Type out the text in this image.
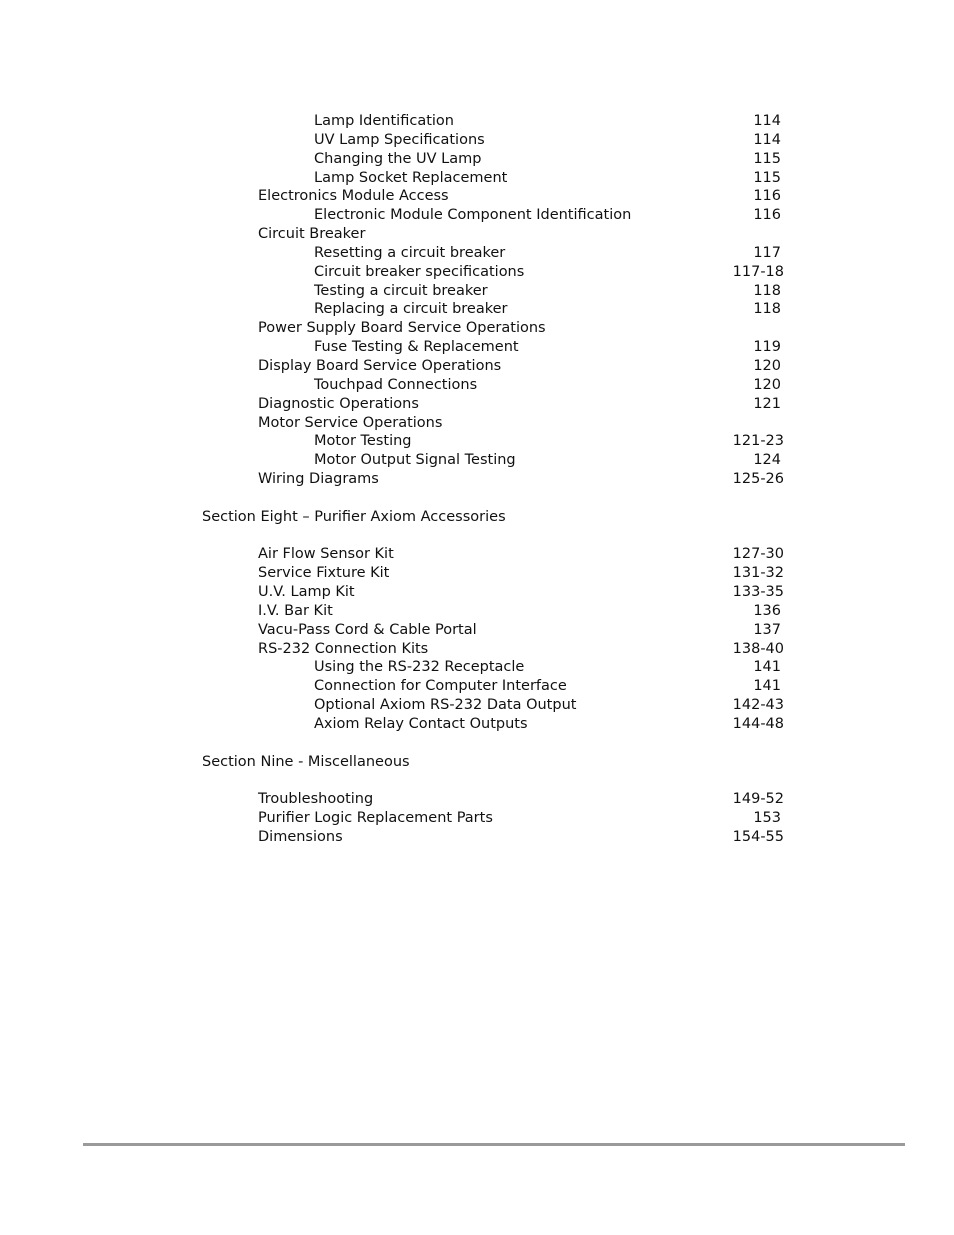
Lamp Identification	114
UV Lamp Specifications	114
Changing the UV Lamp	115
Lamp Socket Replacement	115
Electronics Module Access	116
Electronic Module Component Identification	116
Circuit Breaker
Resetting a circuit breaker	117
Circuit breaker specifications	117-18
Testing a circuit breaker	118
Replacing a circuit breaker	118
Power Supply Board Service Operations
Fuse Testing & Replacement	119
Display Board Service Operations	120
Touchpad Connections	120
Diagnostic Operations	121
Motor Service Operations
Motor Testing	121-23
Motor Output Signal Testing	124
Wiring Diagrams	125-26
Section Eight – Purifier Axiom Accessories
Air Flow Sensor Kit	127-30
Service Fixture Kit	131-32
U.V. Lamp Kit	133-35
I.V. Bar Kit	136
Vacu-Pass Cord & Cable Portal	137
RS-232 Connection Kits	138-40
Using the RS-232 Receptacle	141
Connection for Computer Interface	141
Optional Axiom RS-232 Data Output	142-43
Axiom Relay Contact Outputs	144-48
Section Nine - Miscellaneous
Troubleshooting	149-52
Purifier Logic Replacement Parts	153
Dimensions	154-55
